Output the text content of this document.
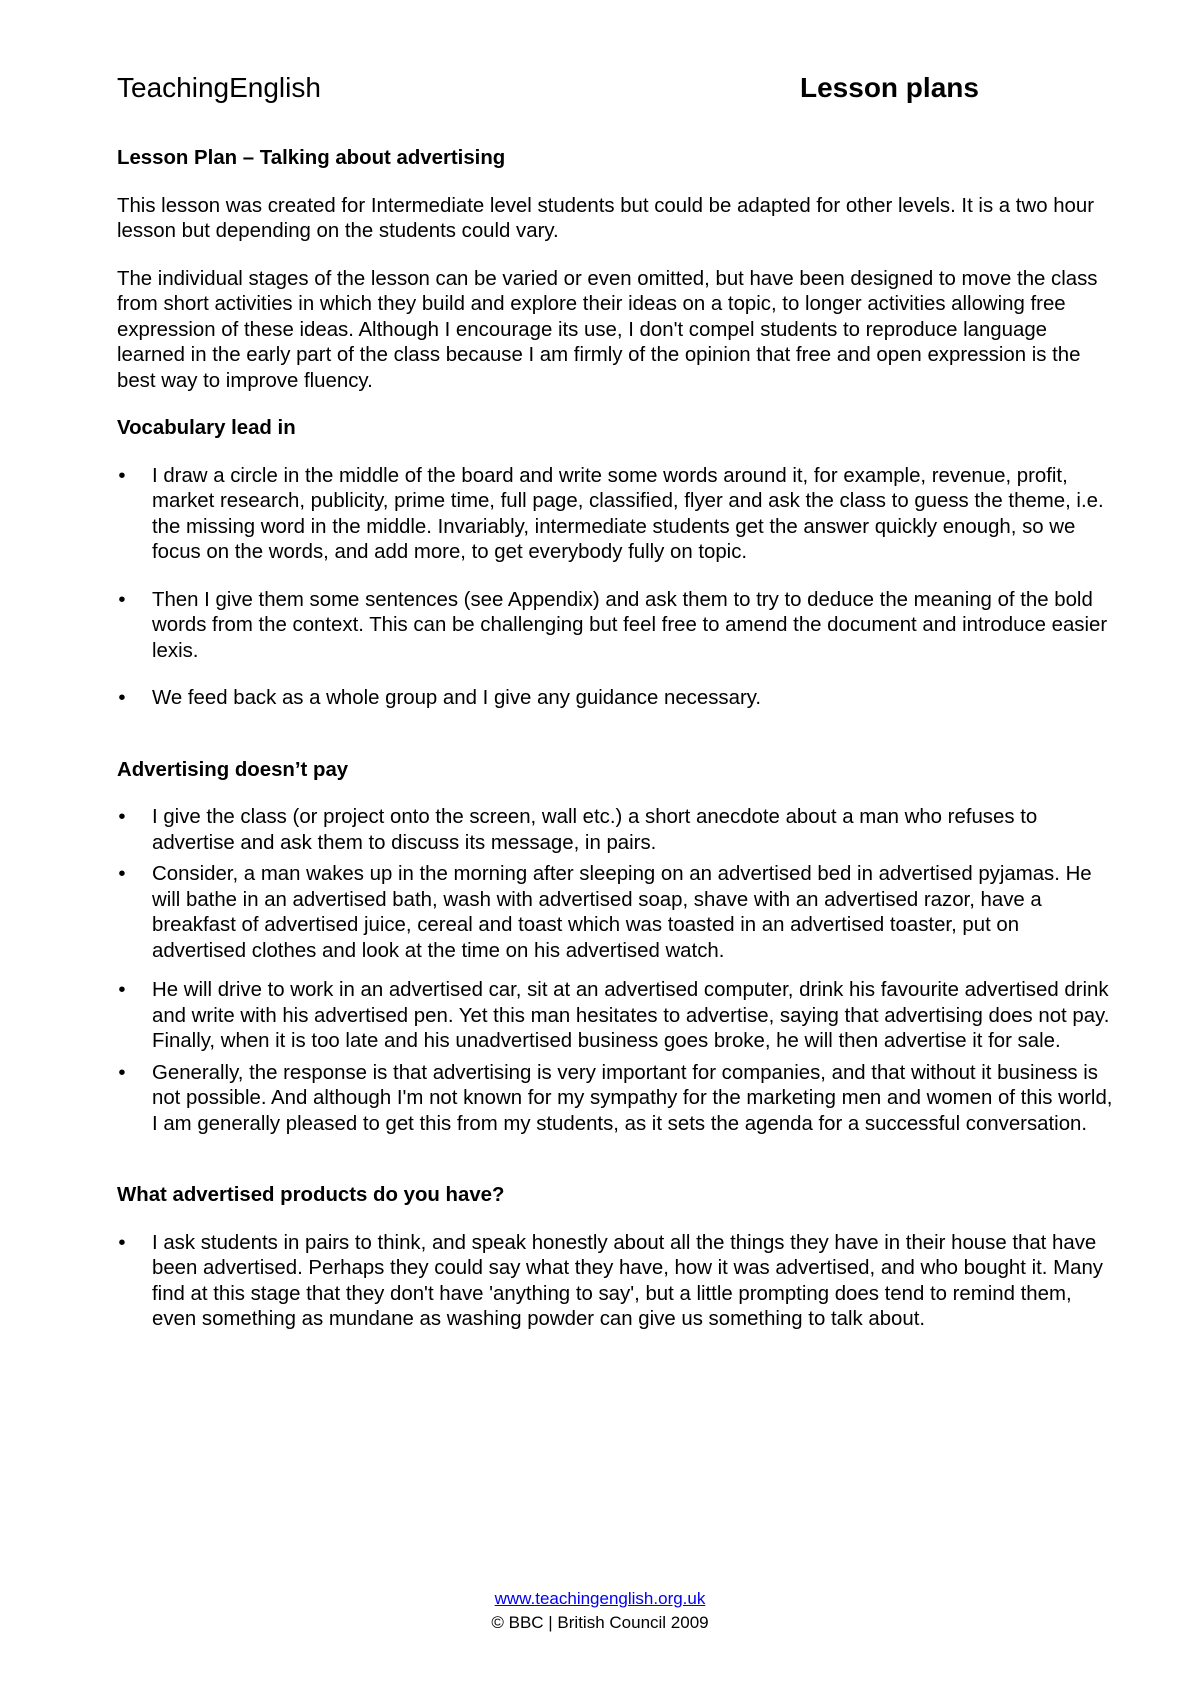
TeachingEnglish	Lesson plans

Lesson Plan – Talking about advertising

This lesson was created for Intermediate level students but could be adapted for other levels. It is a two hour lesson but depending on the students could vary.

The individual stages of the lesson can be varied or even omitted, but have been designed to move the class from short activities in which they build and explore their ideas on a topic, to longer activities allowing free expression of these ideas. Although I encourage its use, I don't compel students to reproduce language learned in the early part of the class because I am firmly of the opinion that free and open expression is the best way to improve fluency.

Vocabulary lead in

• I draw a circle in the middle of the board and write some words around it, for example, revenue, profit, market research, publicity, prime time, full page, classified, flyer and ask the class to guess the theme, i.e. the missing word in the middle. Invariably, intermediate students get the answer quickly enough, so we focus on the words, and add more, to get everybody fully on topic.
• Then I give them some sentences (see Appendix) and ask them to try to deduce the meaning of the bold words from the context. This can be challenging but feel free to amend the document and introduce easier lexis.
• We feed back as a whole group and I give any guidance necessary.

Advertising doesn’t pay

• I give the class (or project onto the screen, wall etc.) a short anecdote about a man who refuses to advertise and ask them to discuss its message, in pairs.
• Consider, a man wakes up in the morning after sleeping on an advertised bed in advertised pyjamas. He will bathe in an advertised bath, wash with advertised soap, shave with an advertised razor, have a breakfast of advertised juice, cereal and toast which was toasted in an advertised toaster, put on advertised clothes and look at the time on his advertised watch.
• He will drive to work in an advertised car, sit at an advertised computer, drink his favourite advertised drink and write with his advertised pen. Yet this man hesitates to advertise, saying that advertising does not pay. Finally, when it is too late and his unadvertised business goes broke, he will then advertise it for sale.
• Generally, the response is that advertising is very important for companies, and that without it business is not possible. And although I'm not known for my sympathy for the marketing men and women of this world, I am generally pleased to get this from my students, as it sets the agenda for a successful conversation.

What advertised products do you have?

• I ask students in pairs to think, and speak honestly about all the things they have in their house that have been advertised. Perhaps they could say what they have, how it was advertised, and who bought it. Many find at this stage that they don't have 'anything to say', but a little prompting does tend to remind them, even something as mundane as washing powder can give us something to talk about.
www.teachingenglish.org.uk
© BBC | British Council 2009
